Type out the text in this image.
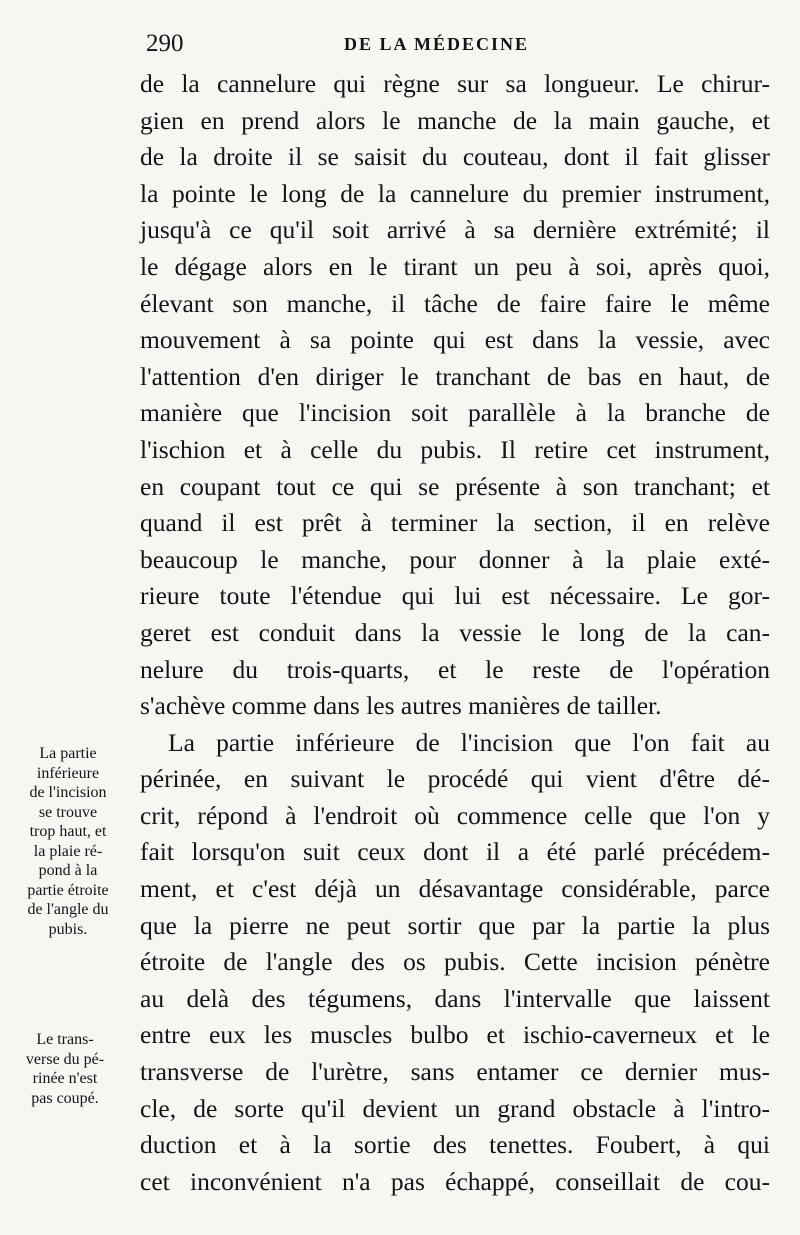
290	DE LA MÉDECINE
de la cannelure qui règne sur sa longueur. Le chirur-
gien en prend alors le manche de la main gauche, et
de la droite il se saisit du couteau, dont il fait glisser
la pointe le long de la cannelure du premier instrument,
jusqu'à ce qu'il soit arrivé à sa dernière extrémité; il
le dégage alors en le tirant un peu à soi, après quoi,
élevant son manche, il tâche de faire faire le même
mouvement à sa pointe qui est dans la vessie, avec
l'attention d'en diriger le tranchant de bas en haut, de
manière que l'incision soit parallèle à la branche de
l'ischion et à celle du pubis. Il retire cet instrument,
en coupant tout ce qui se présente à son tranchant; et
quand il est prêt à terminer la section, il en relève
beaucoup le manche, pour donner à la plaie exté-
rieure toute l'étendue qui lui est nécessaire. Le gor-
geret est conduit dans la vessie le long de la can-
nelure du trois-quarts, et le reste de l'opération
s'achève comme dans les autres manières de tailler.
La partie inférieure de l'incision que l'on fait au
périnée, en suivant le procédé qui vient d'être dé-
crit, répond à l'endroit où commence celle que l'on y
fait lorsqu'on suit ceux dont il a été parlé précédem-
ment, et c'est déjà un désavantage considérable, parce
que la pierre ne peut sortir que par la partie la plus
étroite de l'angle des os pubis. Cette incision pénètre
au delà des tégumens, dans l'intervalle que laissent
entre eux les muscles bulbo et ischio-caverneux et le
transverse de l'urètre, sans entamer ce dernier mus-
cle, de sorte qu'il devient un grand obstacle à l'intro-
duction et à la sortie des tenettes. Foubert, à qui
cet inconvénient n'a pas échappé, conseillait de cou-
La partie
inférieure
de l'incision
se trouve
trop haut, et
la plaie ré-
pond à la
partie étroite
de l'angle du
pubis.
Le trans-
verse du pé-
rinée n'est
pas coupé.
